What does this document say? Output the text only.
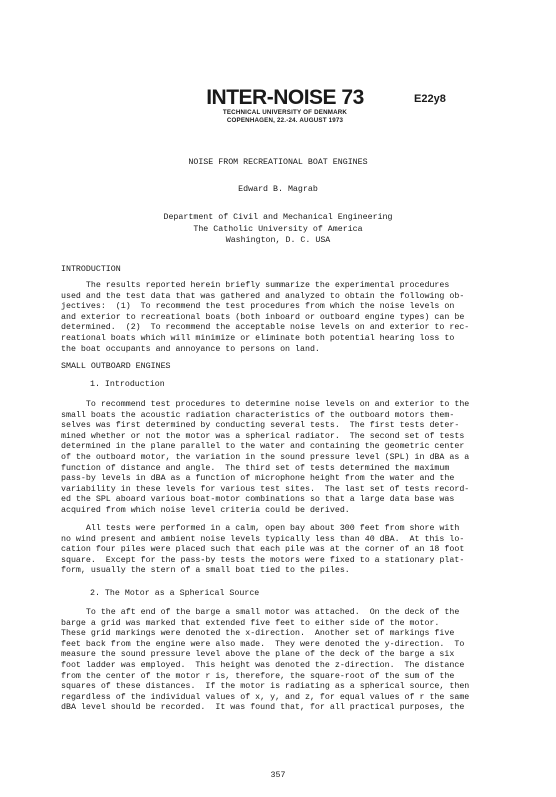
INTER-NOISE 73
TECHNICAL UNIVERSITY OF DENMARK
COPENHAGEN, 22.-24. AUGUST 1973
E22y8
NOISE FROM RECREATIONAL BOAT ENGINES
Edward B. Magrab
Department of Civil and Mechanical Engineering
The Catholic University of America
Washington, D. C. USA
INTRODUCTION
The results reported herein briefly summarize the experimental procedures
used and the test data that was gathered and analyzed to obtain the following ob-
jectives:  (1)  To recommend the test procedures from which the noise levels on
and exterior to recreational boats (both inboard or outboard engine types) can be
determined.  (2)  To recommend the acceptable noise levels on and exterior to rec-
reational boats which will minimize or eliminate both potential hearing loss to
the boat occupants and annoyance to persons on land.
SMALL OUTBOARD ENGINES
1. Introduction
To recommend test procedures to determine noise levels on and exterior to the
small boats the acoustic radiation characteristics of the outboard motors them-
selves was first determined by conducting several tests.  The first tests deter-
mined whether or not the motor was a spherical radiator.  The second set of tests
determined in the plane parallel to the water and containing the geometric center
of the outboard motor, the variation in the sound pressure level (SPL) in dBA as a
function of distance and angle.  The third set of tests determined the maximum
pass-by levels in dBA as a function of microphone height from the water and the
variability in these levels for various test sites.  The last set of tests record-
ed the SPL aboard various boat-motor combinations so that a large data base was
acquired from which noise level criteria could be derived.
All tests were performed in a calm, open bay about 300 feet from shore with
no wind present and ambient noise levels typically less than 40 dBA.  At this lo-
cation four piles were placed such that each pile was at the corner of an 18 foot
square.  Except for the pass-by tests the motors were fixed to a stationary plat-
form, usually the stern of a small boat tied to the piles.
2. The Motor as a Spherical Source
To the aft end of the barge a small motor was attached.  On the deck of the
barge a grid was marked that extended five feet to either side of the motor.
These grid markings were denoted the x-direction.  Another set of markings five
feet back from the engine were also made.  They were denoted the y-direction.  To
measure the sound pressure level above the plane of the deck of the barge a six
foot ladder was employed.  This height was denoted the z-direction.  The distance
from the center of the motor r is, therefore, the square-root of the sum of the
squares of these distances.  If the motor is radiating as a spherical source, then
regardless of the individual values of x, y, and z, for equal values of r the same
dBA level should be recorded.  It was found that, for all practical purposes, the
357
